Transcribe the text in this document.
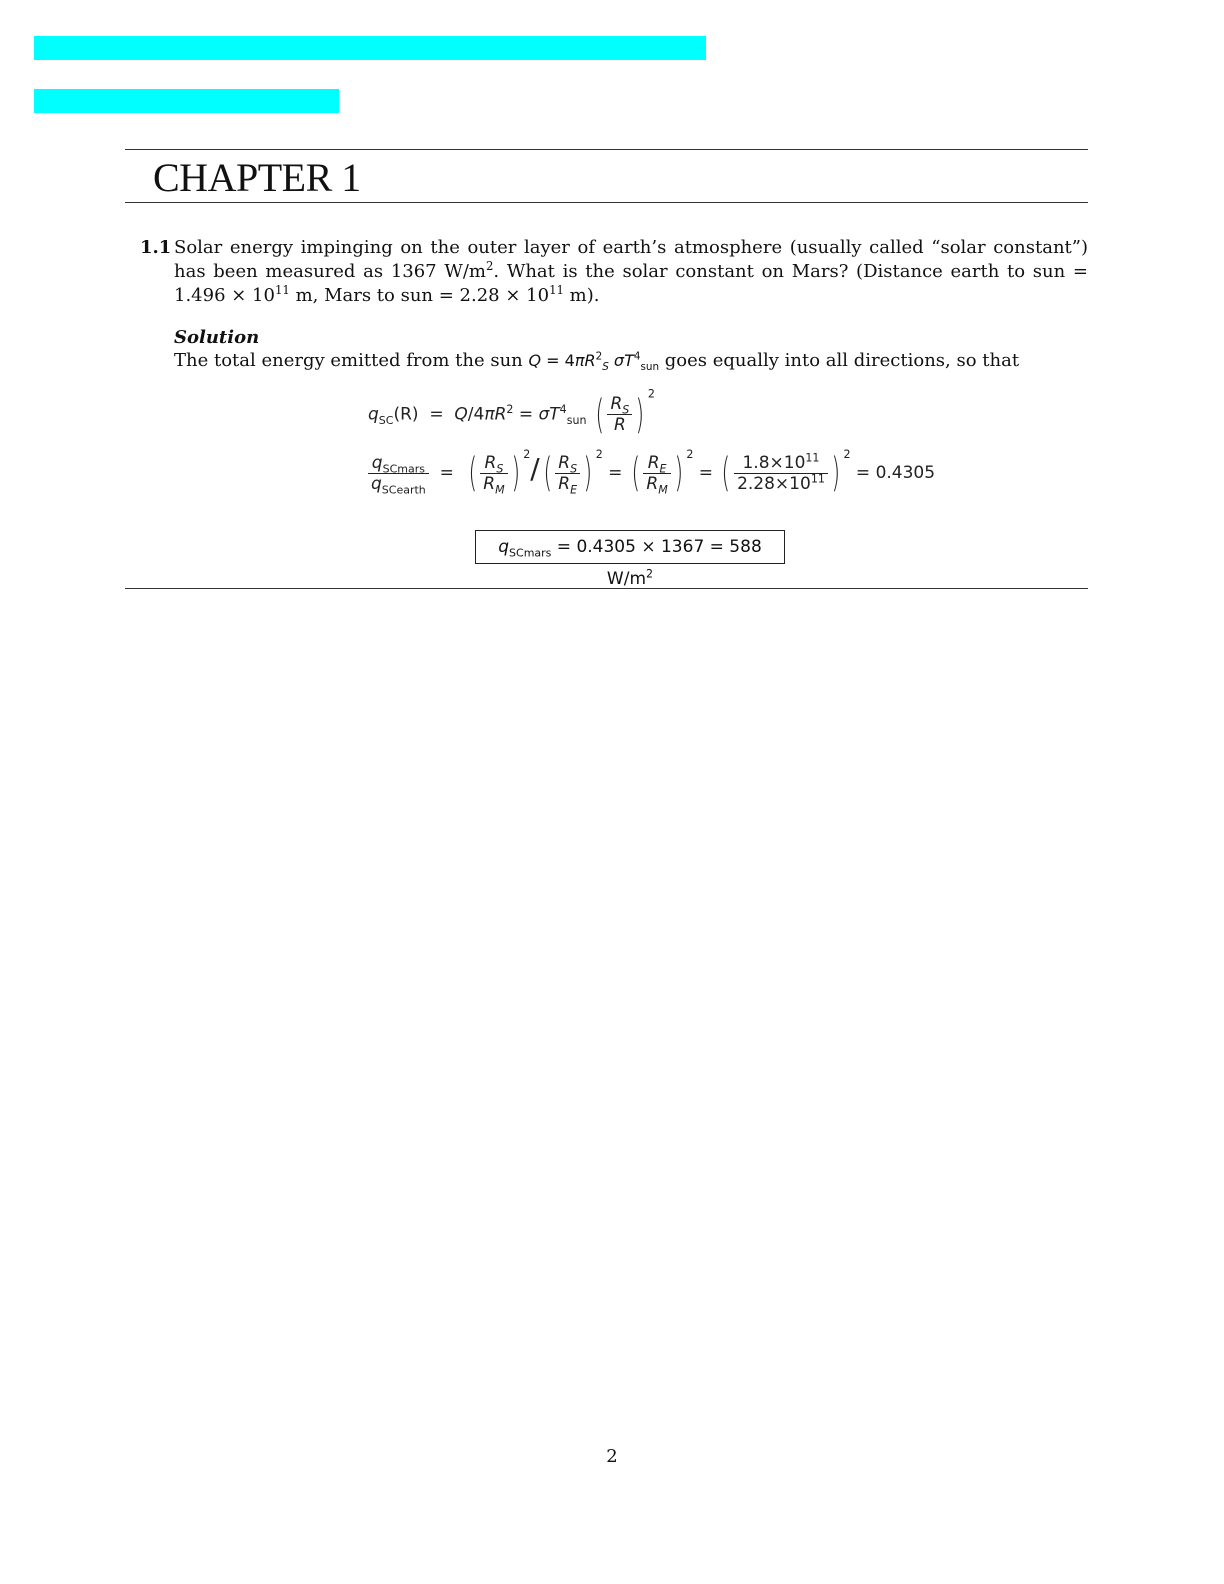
CHAPTER 1
1.1 Solar energy impinging on the outer layer of earth’s atmosphere (usually called “solar constant”) has been measured as 1367 $W/m^2$. What is the solar constant on Mars? (Distance earth to sun = $1.496 \times 10^{11}$ m, Mars to sun = $2.28 \times 10^{11}$ m).
Solution
The total energy emitted from the sun $Q = 4\pi R^2_S$ $\sigma T^4_{sun}$ goes equally into all directions, so that
$q_{SC}(R) = Q/4\pi R^2 = \sigma T^4_{sun}$ ( $\frac{R_S}{R}$ ) $^2$
$\frac{q_{SCmars}}{q_{SCearth}}$ =  ( $\frac{R_S}{R_M}$ ) $^2/( \frac{R_S}{R_E}$ ) $^2$ = ( $\frac{R_E}{R_M}$ ) $^2$ = ( $\frac{1.8\times 10^{11}}{2.28\times 10^{11}}$ ) $^2$ = 0.4305
$q_{SCmars} = 0.4305 \times 1367 = 588$ $W/m^2$
2
